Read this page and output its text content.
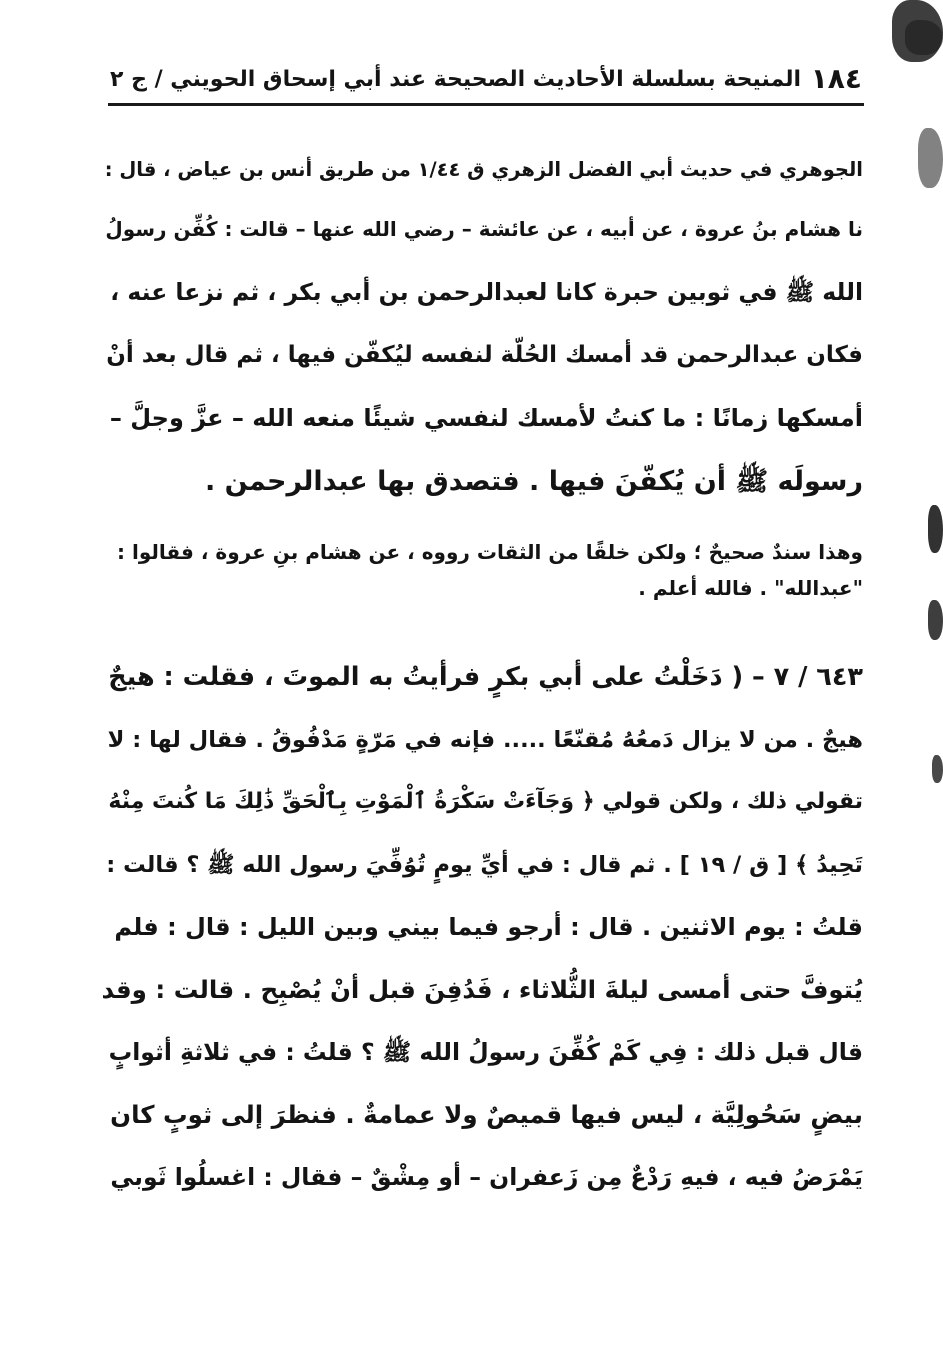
١٨٤
المنيحة بسلسلة الأحاديث الصحيحة عند أبي إسحاق الحويني / ج ٢
الجوهري في حديث أبي الفضل الزهري ق ١/٤٤ من طريق أنس بن عياض ، قال :
نا هشام بنُ عروة ، عن أبيه ، عن عائشة – رضي الله عنها – قالت : كُفِّن رسولُ
الله ﷺ في ثوبين حبرة كانا لعبدالرحمن بن أبي بكر ، ثم نزعا عنه ،
فكان عبدالرحمن قد أمسك الحُلّة لنفسه ليُكفّن فيها ، ثم قال بعد أنْ
أمسكها زمانًا : ما كنتُ لأمسك لنفسي شيئًا منعه الله – عزَّ وجلَّ –
رسولَه ﷺ أن يُكفّنَ فيها . فتصدق بها عبدالرحمن .
وهذا سندٌ صحيحٌ ؛ ولكن خلقًا من الثقات رووه ، عن هشام بنِ عروة ، فقالوا :
"عبدالله" . فالله أعلم .
٦٤٣ / ٧ – ( دَخَلْتُ على أبي بكرٍ فرأيتُ به الموتَ ، فقلت : هيجٌ
هيجٌ . من لا يزال دَمعُهُ مُقنّعًا ..... فإنه في مَرّةٍ مَدْفُوقُ . فقال لها : لا
تقولي ذلك ، ولكن قولي ﴿ وَجَآءَتْ سَكْرَةُ ٱلْمَوْتِ بِٱلْحَقِّ ذَٰلِكَ مَا كُنتَ مِنْهُ
تَحِيدُ ﴾ [ ق / ١٩ ] . ثم قال : في أيِّ يومٍ تُوُفِّيَ رسول الله ﷺ ؟ قالت :
قلتُ : يوم الاثنين . قال : أرجو فيما بيني وبين الليل : قال : فلم
يُتوفَّ حتى أمسى ليلةَ الثُّلاثاء ، فَدُفِنَ قبل أنْ يُصْبِح . قالت : وقد
قال قبل ذلك : فِي كَمْ كُفِّنَ رسولُ الله ﷺ ؟ قلتُ : في ثلاثةِ أثوابٍ
بيضٍ سَحُولِيَّة ، ليس فيها قميصٌ ولا عمامةٌ . فنظرَ إلى ثوبٍ كان
يَمْرَضُ فيه ، فيهِ رَدْعٌ مِن زَعفران – أو مِشْقٌ – فقال : اغسلُوا ثَوبي
